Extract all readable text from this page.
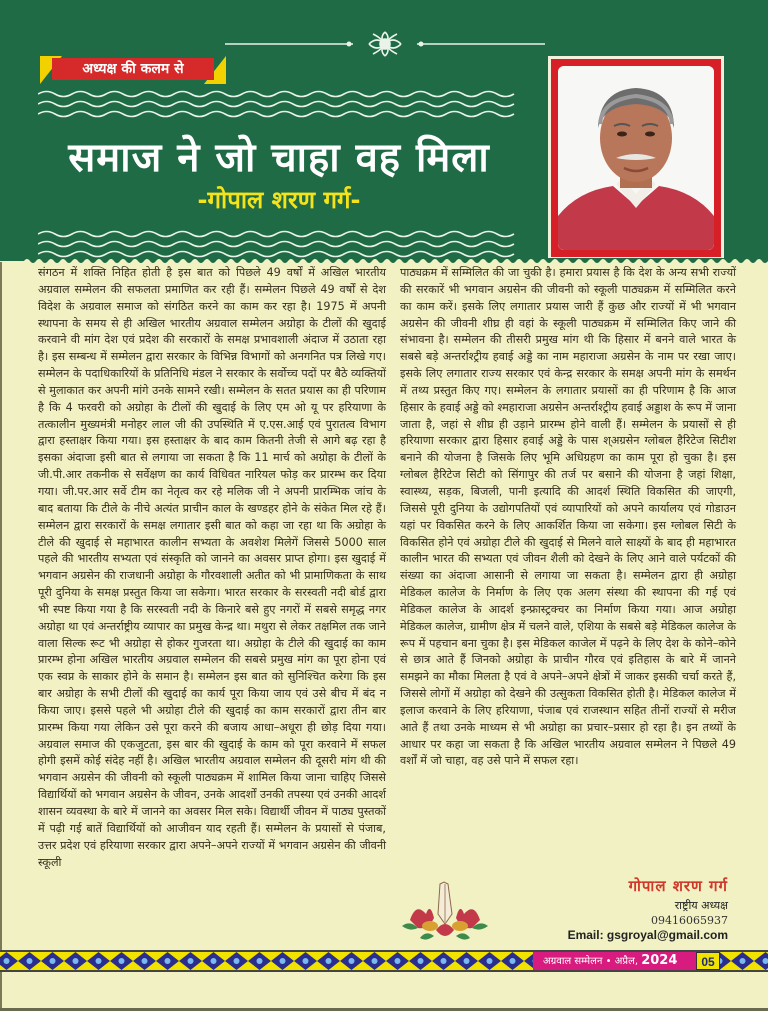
अध्यक्ष की कलम से
समाज ने जो चाहा वह मिला
-गोपाल शरण गर्ग-

संगठन में शक्ति निहित होती है इस बात को पिछले 49 वर्षों में अखिल भारतीय अग्रवाल सम्मेलन की सफलता प्रमाणित कर रही हैं। सम्मेलन पिछले 49 वर्षों से देश विदेश के अग्रवाल समाज को संगठित करने का काम कर रहा है। 1975 में अपनी स्थापना के समय से ही अखिल भारतीय अग्रवाल सम्मेलन अग्रोहा के टीलों की खुदाई करवाने वी मांग देश एवं प्रदेश की सरकारों के समक्ष प्रभावशाली अंदाज में उठाता रहा है। इस सम्बन्ध में सम्मेलन द्वारा सरकार के विभिन्न विभागों को अनगनित पत्र लिखे गए। सम्मेलन के पदाधिकारियों के प्रतिनिधि मंडल ने सरकार के सर्वोच्च पदों पर बैठे व्यक्तियों से मुलाकात कर अपनी मांगे उनके सामने रखी। सम्मेलन के सतत प्रयास का ही परिणाम है कि 4 फरवरी को अग्रोहा के टीलों की खुदाई के लिए एम ओ यू पर हरियाणा के तत्कालीन मुख्यमंत्री मनोहर लाल जी की उपस्थिति में ए.एस.आई एवं पुरातत्व विभाग द्वारा हस्ताक्षर किया गया। इस हस्ताक्षर के बाद काम कितनी तेजी से आगे बढ़ रहा है इसका अंदाजा इसी बात से लगाया जा सकता है कि 11 मार्च को अग्रोहा के टीलों के जी.पी.आर तकनीक से सर्वेक्षण का कार्य विधिवत नारियल फोड़ कर प्रारम्भ कर दिया गया। जी.पर.आर सर्वे टीम का नेतृत्व कर रहे मलिक जी ने अपनी प्रारम्भिक जांच के बाद बताया कि टीले के नीचे अत्यंत प्राचीन काल के खण्डहर होने के संकेत मिल रहे हैं। सम्मेलन द्वारा सरकारों के समक्ष लगातार इसी बात को कहा जा रहा था कि अग्रोहा के टीले की खुदाई से महाभारत कालीन सभ्यता के अवशेश मिलेगें जिससे 5000 साल पहले की भारतीय सभ्यता एवं संस्कृति को जानने का अवसर प्राप्त होगा। इस खुदाई में भगवान अग्रसेन की राजधानी अग्रोहा के गौरवशाली अतीत को भी प्रामाणिकता के साथ पूरी दुनिया के समक्ष प्रस्तुत किया जा सकेगा। भारत सरकार के सरस्वती नदी बोर्ड द्वारा भी स्पष्ट किया गया है कि सरस्वती नदी के किनारे बसे हुए नगरों में सबसे समृद्ध नगर अग्रोहा था एवं अन्तर्राष्ट्रीय व्यापार का प्रमुख केन्द्र था। मथुरा से लेकर तक्षमिल तक जाने वाला सिल्क रूट भी अग्रोहा से होकर गुजरता था। अग्रोहा के टीले की खुदाई का काम प्रारम्भ होना अखिल भारतीय अग्रवाल सम्मेलन की सबसे प्रमुख मांग का पूरा होना एवं एक स्वप्न के साकार होने के समान है। सम्मेलन इस बात को सुनिश्चित करेगा कि इस बार अग्रोहा के सभी टीलों की खुदाई का कार्य पूरा किया जाय एवं उसे बीच में बंद न किया जाए। इससे पहले भी अग्रोहा टीले की खुदाई का काम सरकारों द्वारा तीन बार प्रारम्भ किया गया लेकिन उसे पूरा करने की बजाय आधा–अधूरा ही छोड़ दिया गया। अग्रवाल समाज की एकजुटता, इस बार की खुदाई के काम को पूरा करवाने में सफल होगी इसमें कोई संदेह नहीं है। अखिल भारतीय अग्रवाल सम्मेलन की दूसरी मांग थी की भगवान अग्रसेन की जीवनी को स्कूली पाठ्यक्रम में शामिल किया जाना चाहिए जिससे विद्यार्थियों को भगवान अग्रसेन के जीवन, उनके आदर्शों उनकी तपस्या एवं उनकी आदर्श शासन व्यवस्था के बारे में जानने का अवसर मिल सके। विद्यार्थी जीवन में पाठ्य पुस्तकों में पढ़ी गई बातें विद्यार्थियों को आजीवन याद रहती हैं। सम्मेलन के प्रयासों से पंजाब, उत्तर प्रदेश एवं हरियाणा सरकार द्वारा अपने–अपने राज्यों में भगवान अग्रसेन की जीवनी स्कूली

पाठ्यक्रम में सम्मिलित की जा चुकी है। हमारा प्रयास है कि देश के अन्य सभी राज्यों की सरकारें भी भगवान अग्रसेन की जीवनी को स्कूली पाठ्यक्रम में सम्मिलित करने का काम करें। इसके लिए लगातार प्रयास जारी हैं कुछ और राज्यों में भी भगवान अग्रसेन की जीवनी शीघ्र ही वहां के स्कूली पाठ्यक्रम में सम्मिलित किए जाने की संभावना है। सम्मेलन की तीसरी प्रमुख मांग थी कि हिसार में बनने वाले भारत के सबसे बड़े अन्तर्राश्ट्रीय हवाई अड्डे का नाम महाराजा अग्रसेन के नाम पर रखा जाए। इसके लिए लगातार राज्य सरकार एवं केन्द्र सरकार के समक्ष अपनी मांग के समर्थन में तथ्य प्रस्तुत किए गए। सम्मेलन के लगातार प्रयासों का ही परिणाम है कि आज हिसार के हवाई अड्डे को श्महाराजा अग्रसेन अन्तर्राश्ट्रीय हवाई अड्डाश के रूप में जाना जाता है, जहां से शीघ्र ही उड़ाने प्रारम्भ होने वाली हैं। सम्मेलन के प्रयासों से ही हरियाणा सरकार द्वारा हिसार हवाई अड्डे के पास श्अग्रसेन ग्लोबल हैरिटेज सिटीश बनाने की योजना है जिसके लिए भूमि अधिग्रहण का काम पूरा हो चुका है। इस ग्लोबल हैरिटेज सिटी को सिंगापुर की तर्ज पर बसाने की योजना है जहां शिक्षा, स्वास्थ्य, सड़क, बिजली, पानी इत्यादि की आदर्श स्थिति विकसित की जाएगी, जिससे पूरी दुनिया के उद्योगपतियों एवं व्यापारियों को अपने कार्यालय एवं गोडाउन यहां पर विकसित करने के लिए आकर्शित किया जा सकेगा। इस ग्लोबल सिटी के विकसित होने एवं अग्रोहा टीले की खुदाई से मिलने वाले साक्ष्यों के बाद ही महाभारत कालीन भारत की सभ्यता एवं जीवन शैली को देखने के लिए आने वाले पर्यटकों की संख्या का अंदाजा आसानी से लगाया जा सकता है। सम्मेलन द्वारा ही अग्रोहा मेडिकल कालेज के निर्माण के लिए एक अलग संस्था की स्थापना की गई एवं मेडिकल कालेज के आदर्श इन्फ्रास्ट्रक्चर का निर्माण किया गया। आज अग्रोहा मेडिकल कालेज, ग्रामीण क्षेत्र में चलने वाले, एशिया के सबसे बड़े मेडिकल कालेज के रूप में पहचान बना चुका है। इस मेडिकल काजेल में पढ़ने के लिए देश के कोने–कोने से छात्र आते हैं जिनको अग्रोहा के प्राचीन गौरव एवं इतिहास के बारे में जानने समझने का मौका मिलता है एवं वे अपने–अपने क्षेत्रों में जाकर इसकी चर्चा करते हैं, जिससे लोगों में अग्रोहा को देखने की उत्सुकता विकसित होती है। मेडिकल कालेज में इलाज करवाने के लिए हरियाणा, पंजाब एवं राजस्थान सहित तीनों राज्यों से मरीज आते हैं तथा उनके माध्यम से भी अग्रोहा का प्रचार–प्रसार हो रहा है। इन तथ्यों के आधार पर कहा जा सकता है कि अखिल भारतीय अग्रवाल सम्मेलन ने पिछले 49 वर्शों में जो चाहा, वह उसे पाने में सफल रहा।

गोपाल शरण गर्ग
राष्ट्रीय अध्यक्ष
09416065937
Email: gsgroyal@gmail.com
अग्रवाल सम्मेलन • अप्रैल, 2024	05
